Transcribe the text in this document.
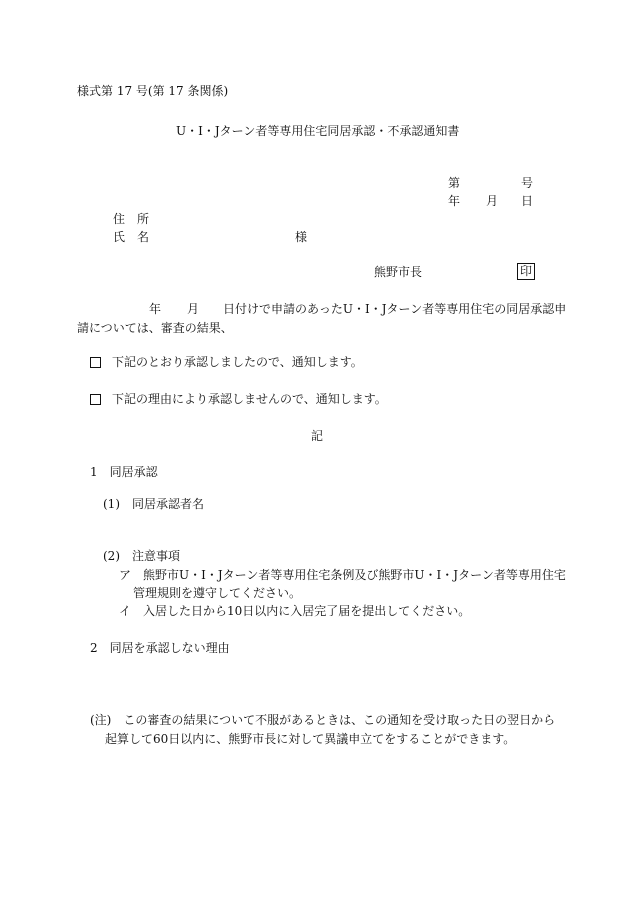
様式第 17 号(第 17 条関係)
U・I・Jターン者等専用住宅同居承認・不承認通知書
第	号
年 月 日
住　所
氏　名	様
熊野市長	印
年 月 日付けで申請のあったU・I・Jターン者等専用住宅の同居承認申
請については、審査の結果、
下記のとおり承認しましたので、通知します。
下記の理由により承認しませんので、通知します。
記
1　同居承認
(1)　同居承認者名
(2)　注意事項
ア　熊野市U・I・Jターン者等専用住宅条例及び熊野市U・I・Jターン者等専用住宅
管理規則を遵守してください。
イ　入居した日から10日以内に入居完了届を提出してください。
2　同居を承認しない理由
(注)　この審査の結果について不服があるときは、この通知を受け取った日の翌日から
起算して60日以内に、熊野市長に対して異議申立てをすることができます。
